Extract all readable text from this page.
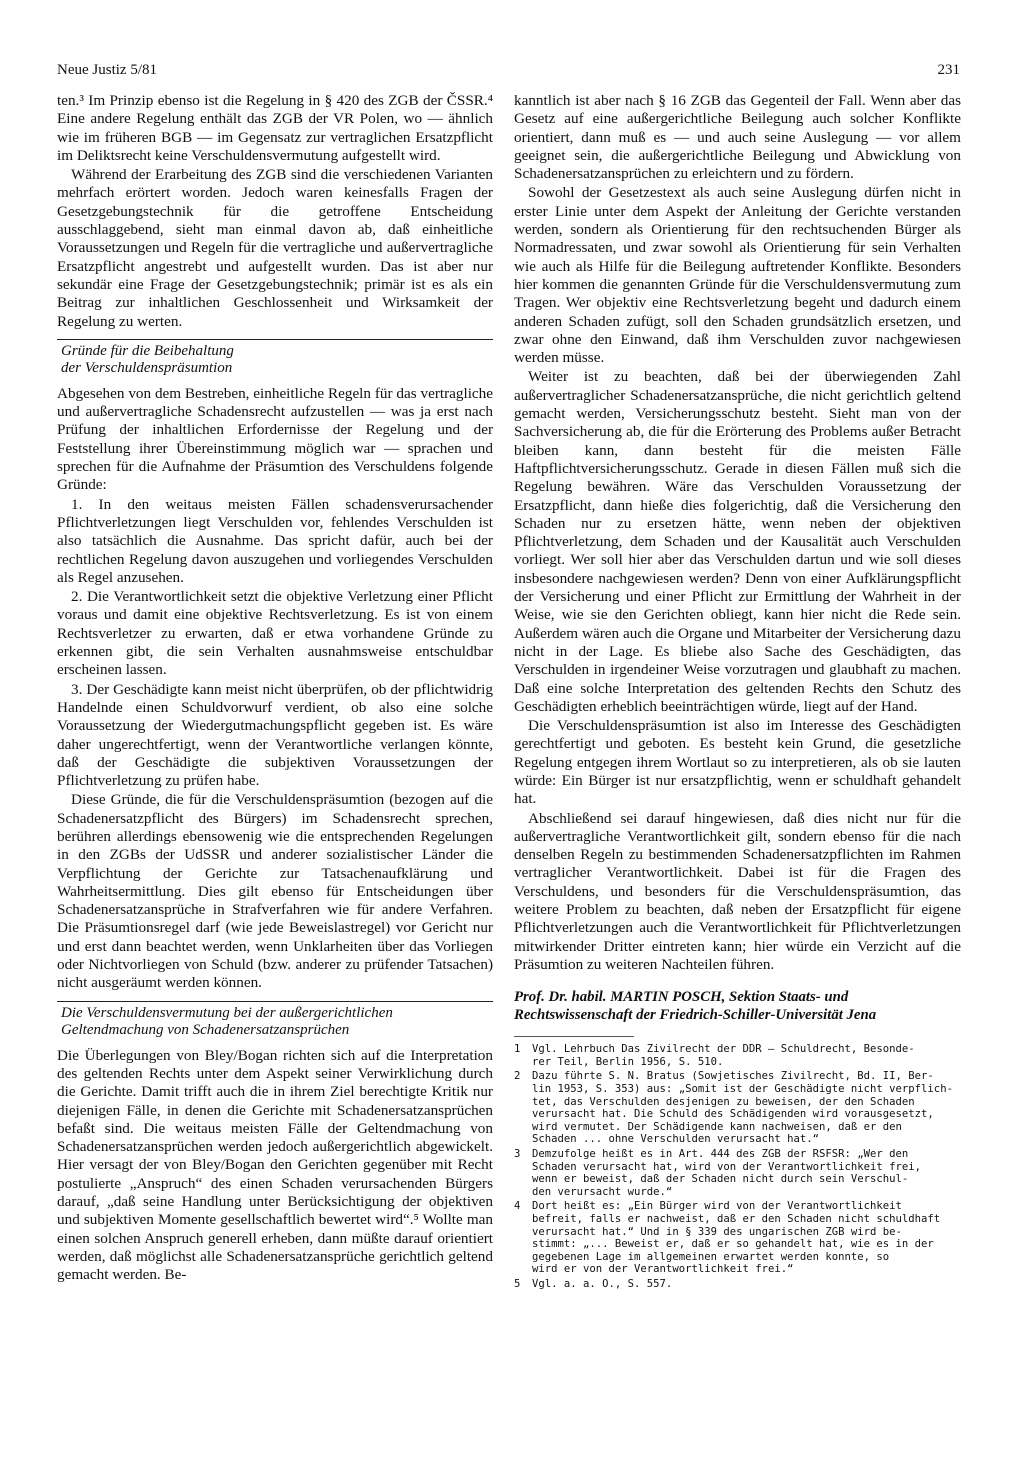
Neue Justiz 5/81	231

ten.³ Im Prinzip ebenso ist die Regelung in § 420 des ZGB der ČSSR.⁴ Eine andere Regelung enthält das ZGB der VR Polen, wo — ähnlich wie im früheren BGB — im Gegensatz zur vertraglichen Ersatzpflicht im Deliktsrecht keine Verschuldensvermutung aufgestellt wird.

Während der Erarbeitung des ZGB sind die verschiedenen Varianten mehrfach erörtert worden. Jedoch waren keinesfalls Fragen der Gesetzgebungstechnik für die getroffene Entscheidung ausschlaggebend, sieht man einmal davon ab, daß einheitliche Voraussetzungen und Regeln für die vertragliche und außervertragliche Ersatzpflicht angestrebt und aufgestellt wurden. Das ist aber nur sekundär eine Frage der Gesetzgebungstechnik; primär ist es als ein Beitrag zur inhaltlichen Geschlossenheit und Wirksamkeit der Regelung zu werten.

Gründe für die Beibehaltung
der Verschuldenspräsumtion

Abgesehen von dem Bestreben, einheitliche Regeln für das vertragliche und außervertragliche Schadensrecht aufzustellen — was ja erst nach Prüfung der inhaltlichen Erfordernisse der Regelung und der Feststellung ihrer Übereinstimmung möglich war — sprachen und sprechen für die Aufnahme der Präsumtion des Verschuldens folgende Gründe:

1. In den weitaus meisten Fällen schadensverursachender Pflichtverletzungen liegt Verschulden vor, fehlendes Verschulden ist also tatsächlich die Ausnahme. Das spricht dafür, auch bei der rechtlichen Regelung davon auszugehen und vorliegendes Verschulden als Regel anzusehen.

2. Die Verantwortlichkeit setzt die objektive Verletzung einer Pflicht voraus und damit eine objektive Rechtsverletzung. Es ist von einem Rechtsverletzer zu erwarten, daß er etwa vorhandene Gründe zu erkennen gibt, die sein Verhalten ausnahmsweise entschuldbar erscheinen lassen.

3. Der Geschädigte kann meist nicht überprüfen, ob der pflichtwidrig Handelnde einen Schuldvorwurf verdient, ob also eine solche Voraussetzung der Wiedergutmachungspflicht gegeben ist. Es wäre daher ungerechtfertigt, wenn der Verantwortliche verlangen könnte, daß der Geschädigte die subjektiven Voraussetzungen der Pflichtverletzung zu prüfen habe.

Diese Gründe, die für die Verschuldenspräsumtion (bezogen auf die Schadenersatzpflicht des Bürgers) im Schadensrecht sprechen, berühren allerdings ebensowenig wie die entsprechenden Regelungen in den ZGBs der UdSSR und anderer sozialistischer Länder die Verpflichtung der Gerichte zur Tatsachenaufklärung und Wahrheitsermittlung. Dies gilt ebenso für Entscheidungen über Schadenersatzansprüche in Strafverfahren wie für andere Verfahren. Die Präsumtionsregel darf (wie jede Beweislastregel) vor Gericht nur und erst dann beachtet werden, wenn Unklarheiten über das Vorliegen oder Nichtvorliegen von Schuld (bzw. anderer zu prüfender Tatsachen) nicht ausgeräumt werden können.

Die Verschuldensvermutung bei der außergerichtlichen
Geltendmachung von Schadenersatzansprüchen

Die Überlegungen von Bley/Bogan richten sich auf die Interpretation des geltenden Rechts unter dem Aspekt seiner Verwirklichung durch die Gerichte. Damit trifft auch die in ihrem Ziel berechtigte Kritik nur diejenigen Fälle, in denen die Gerichte mit Schadenersatzansprüchen befaßt sind. Die weitaus meisten Fälle der Geltendmachung von Schadenersatzansprüchen werden jedoch außergerichtlich abgewickelt. Hier versagt der von Bley/Bogan den Gerichten gegenüber mit Recht postulierte „Anspruch“ des einen Schaden verursachenden Bürgers darauf, „daß seine Handlung unter Berücksichtigung der objektiven und subjektiven Momente gesellschaftlich bewertet wird“.⁵ Wollte man einen solchen Anspruch generell erheben, dann müßte darauf orientiert werden, daß möglichst alle Schadenersatzansprüche gerichtlich geltend gemacht werden. Be-

kanntlich ist aber nach § 16 ZGB das Gegenteil der Fall. Wenn aber das Gesetz auf eine außergerichtliche Beilegung auch solcher Konflikte orientiert, dann muß es — und auch seine Auslegung — vor allem geeignet sein, die außergerichtliche Beilegung und Abwicklung von Schadenersatzansprüchen zu erleichtern und zu fördern.

Sowohl der Gesetzestext als auch seine Auslegung dürfen nicht in erster Linie unter dem Aspekt der Anleitung der Gerichte verstanden werden, sondern als Orientierung für den rechtsuchenden Bürger als Normadressaten, und zwar sowohl als Orientierung für sein Verhalten wie auch als Hilfe für die Beilegung auftretender Konflikte. Besonders hier kommen die genannten Gründe für die Verschuldensvermutung zum Tragen. Wer objektiv eine Rechtsverletzung begeht und dadurch einem anderen Schaden zufügt, soll den Schaden grundsätzlich ersetzen, und zwar ohne den Einwand, daß ihm Verschulden zuvor nachgewiesen werden müsse.

Weiter ist zu beachten, daß bei der überwiegenden Zahl außervertraglicher Schadenersatzansprüche, die nicht gerichtlich geltend gemacht werden, Versicherungsschutz besteht. Sieht man von der Sachversicherung ab, die für die Erörterung des Problems außer Betracht bleiben kann, dann besteht für die meisten Fälle Haftpflichtversicherungsschutz. Gerade in diesen Fällen muß sich die Regelung bewähren. Wäre das Verschulden Voraussetzung der Ersatzpflicht, dann hieße dies folgerichtig, daß die Versicherung den Schaden nur zu ersetzen hätte, wenn neben der objektiven Pflichtverletzung, dem Schaden und der Kausalität auch Verschulden vorliegt. Wer soll hier aber das Verschulden dartun und wie soll dieses insbesondere nachgewiesen werden? Denn von einer Aufklärungspflicht der Versicherung und einer Pflicht zur Ermittlung der Wahrheit in der Weise, wie sie den Gerichten obliegt, kann hier nicht die Rede sein. Außerdem wären auch die Organe und Mitarbeiter der Versicherung dazu nicht in der Lage. Es bliebe also Sache des Geschädigten, das Verschulden in irgendeiner Weise vorzutragen und glaubhaft zu machen. Daß eine solche Interpretation des geltenden Rechts den Schutz des Geschädigten erheblich beeinträchtigen würde, liegt auf der Hand.

Die Verschuldenspräsumtion ist also im Interesse des Geschädigten gerechtfertigt und geboten. Es besteht kein Grund, die gesetzliche Regelung entgegen ihrem Wortlaut so zu interpretieren, als ob sie lauten würde: Ein Bürger ist nur ersatzpflichtig, wenn er schuldhaft gehandelt hat.

Abschließend sei darauf hingewiesen, daß dies nicht nur für die außervertragliche Verantwortlichkeit gilt, sondern ebenso für die nach denselben Regeln zu bestimmenden Schadenersatzpflichten im Rahmen vertraglicher Verantwortlichkeit. Dabei ist für die Fragen des Verschuldens, und besonders für die Verschuldenspräsumtion, das weitere Problem zu beachten, daß neben der Ersatzpflicht für eigene Pflichtverletzungen auch die Verantwortlichkeit für Pflichtverletzungen mitwirkender Dritter eintreten kann; hier würde ein Verzicht auf die Präsumtion zu weiteren Nachteilen führen.

Prof. Dr. habil. MARTIN POSCH, Sektion Staats- und
Rechtswissenschaft der Friedrich-Schiller-Universität Jena
1	Vgl. Lehrbuch Das Zivilrecht der DDR – Schuldrecht, Besonde-
rer Teil, Berlin 1956, S. 510.
2	Dazu führte S. N. Bratus (Sowjetisches Zivilrecht, Bd. II, Ber-
lin 1953, S. 353) aus: „Somit ist der Geschädigte nicht verpflich-
tet, das Verschulden desjenigen zu beweisen, der den Schaden
verursacht hat. Die Schuld des Schädigenden wird vorausgesetzt,
wird vermutet. Der Schädigende kann nachweisen, daß er den
Schaden ... ohne Verschulden verursacht hat.“
3	Demzufolge heißt es in Art. 444 des ZGB der RSFSR: „Wer den
Schaden verursacht hat, wird von der Verantwortlichkeit frei,
wenn er beweist, daß der Schaden nicht durch sein Verschul-
den verursacht wurde.“
4	Dort heißt es: „Ein Bürger wird von der Verantwortlichkeit
befreit, falls er nachweist, daß er den Schaden nicht schuldhaft
verursacht hat.“ Und in § 339 des ungarischen ZGB wird be-
stimmt: „... Beweist er, daß er so gehandelt hat, wie es in der
gegebenen Lage im allgemeinen erwartet werden konnte, so
wird er von der Verantwortlichkeit frei.“
5	Vgl. a. a. O., S. 557.
